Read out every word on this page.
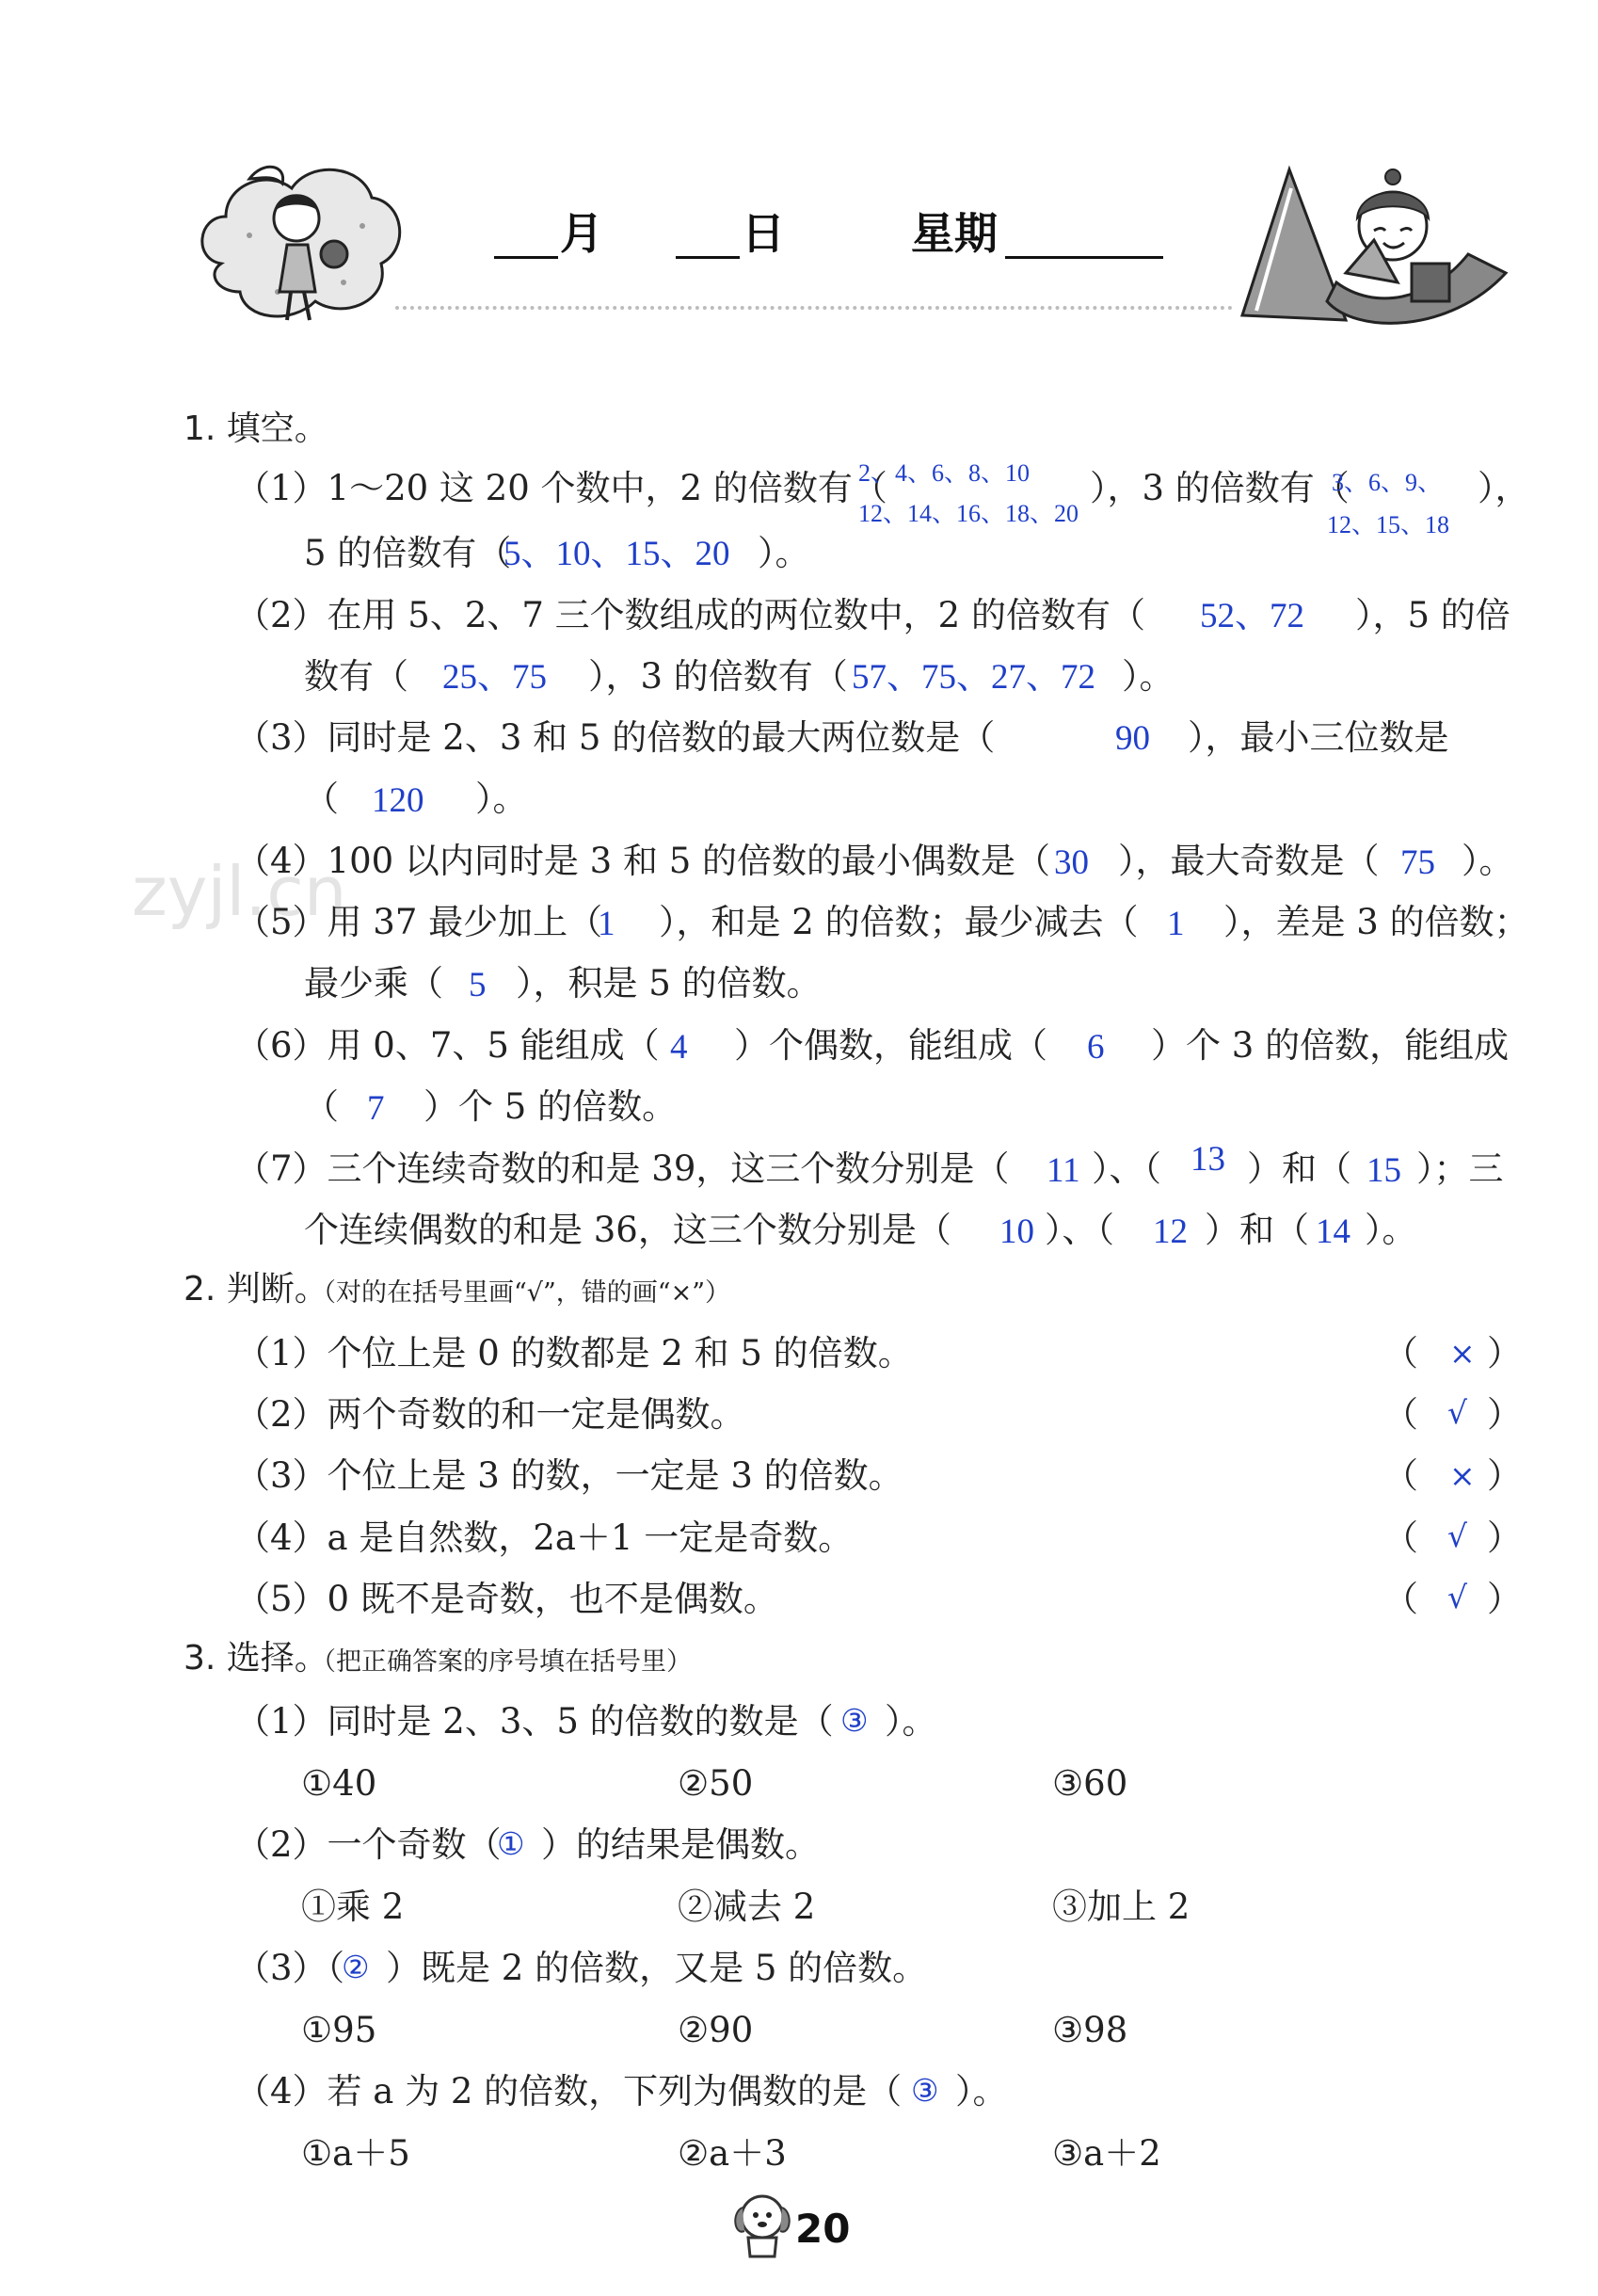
月	日	星期
zyjl.cn
1. 填空。
（1）1～20 这 20 个数中，2 的倍数有（
2、4、6、8、10
12、14、16、18、20
），3 的倍数有（
3、6、9、
12、15、18
），
5 的倍数有（
5、10、15、20 ）。
（2）在用 5、2、7 三个数组成的两位数中，2 的倍数有（ 52、72 ），5 的倍
数有（ 25、75 ），3 的倍数有（ 57、75、27、72 ）。
（3）同时是 2、3 和 5 的倍数的最大两位数是（	90 ），最小三位数是
（ 120 ）。
（4）100 以内同时是 3 和 5 的倍数的最小偶数是（ 30 ），最大奇数是（ 75 ）。
（5）用 37 最少加上（
1 ），和是 2 的倍数；最少减去（ 1 ），差是 3 的倍数；
最少乘（ 5 ），积是 5 的倍数。
（6）用 0、7、5 能组成（ 4 ）个偶数，能组成（ 6 ）个 3 的倍数，能组成
（ 7 ）个 5 的倍数。
（7）三个连续奇数的和是 39，这三个数分别是（ 11 ）、（ 13 ）和（ 15 ）；三
个连续偶数的和是 36，这三个数分别是（ 10 ）、（ 12 ）和（ 14 ）。
2. 判断。
（对的在括号里画“√”，错的画“×”）
（1）个位上是 0 的数都是 2 和 5 的倍数。	（ × ）
（2）两个奇数的和一定是偶数。	（ √ ）
（3）个位上是 3 的数，一定是 3 的倍数。	（ × ）
（4）a 是自然数，2a＋1 一定是奇数。	（ √ ）
（5）0 既不是奇数，也不是偶数。	（ √ ）
3. 选择。
（把正确答案的序号填在括号里）
（1）同时是 2、3、5 的倍数的数是（ ③ ）。
①40	②50	③60
（2）一个奇数（
① ）的结果是偶数。
①乘 2	②减去 2	③加上 2
（3）（
② ）既是 2 的倍数，又是 5 的倍数。
①95	②90	③98
（4）若 a 为 2 的倍数，下列为偶数的是（ ③ ）。
①a＋5	②a＋3	③a＋2
20
